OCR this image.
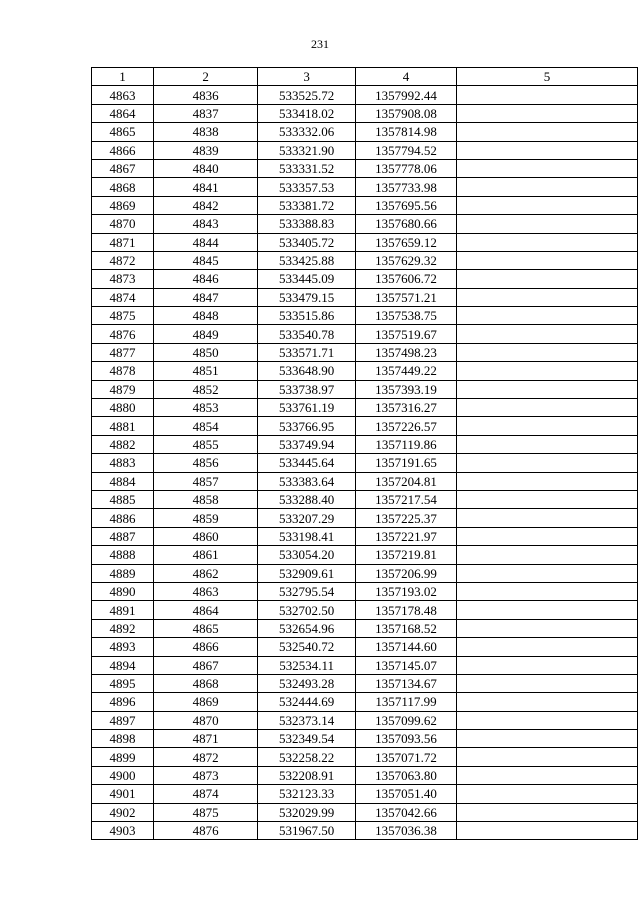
231
1	2	3	4	5
4863	4836	533525.72	1357992.44	
4864	4837	533418.02	1357908.08	
4865	4838	533332.06	1357814.98	
4866	4839	533321.90	1357794.52	
4867	4840	533331.52	1357778.06	
4868	4841	533357.53	1357733.98	
4869	4842	533381.72	1357695.56	
4870	4843	533388.83	1357680.66	
4871	4844	533405.72	1357659.12	
4872	4845	533425.88	1357629.32	
4873	4846	533445.09	1357606.72	
4874	4847	533479.15	1357571.21	
4875	4848	533515.86	1357538.75	
4876	4849	533540.78	1357519.67	
4877	4850	533571.71	1357498.23	
4878	4851	533648.90	1357449.22	
4879	4852	533738.97	1357393.19	
4880	4853	533761.19	1357316.27	
4881	4854	533766.95	1357226.57	
4882	4855	533749.94	1357119.86	
4883	4856	533445.64	1357191.65	
4884	4857	533383.64	1357204.81	
4885	4858	533288.40	1357217.54	
4886	4859	533207.29	1357225.37	
4887	4860	533198.41	1357221.97	
4888	4861	533054.20	1357219.81	
4889	4862	532909.61	1357206.99	
4890	4863	532795.54	1357193.02	
4891	4864	532702.50	1357178.48	
4892	4865	532654.96	1357168.52	
4893	4866	532540.72	1357144.60	
4894	4867	532534.11	1357145.07	
4895	4868	532493.28	1357134.67	
4896	4869	532444.69	1357117.99	
4897	4870	532373.14	1357099.62	
4898	4871	532349.54	1357093.56	
4899	4872	532258.22	1357071.72	
4900	4873	532208.91	1357063.80	
4901	4874	532123.33	1357051.40	
4902	4875	532029.99	1357042.66	
4903	4876	531967.50	1357036.38	
